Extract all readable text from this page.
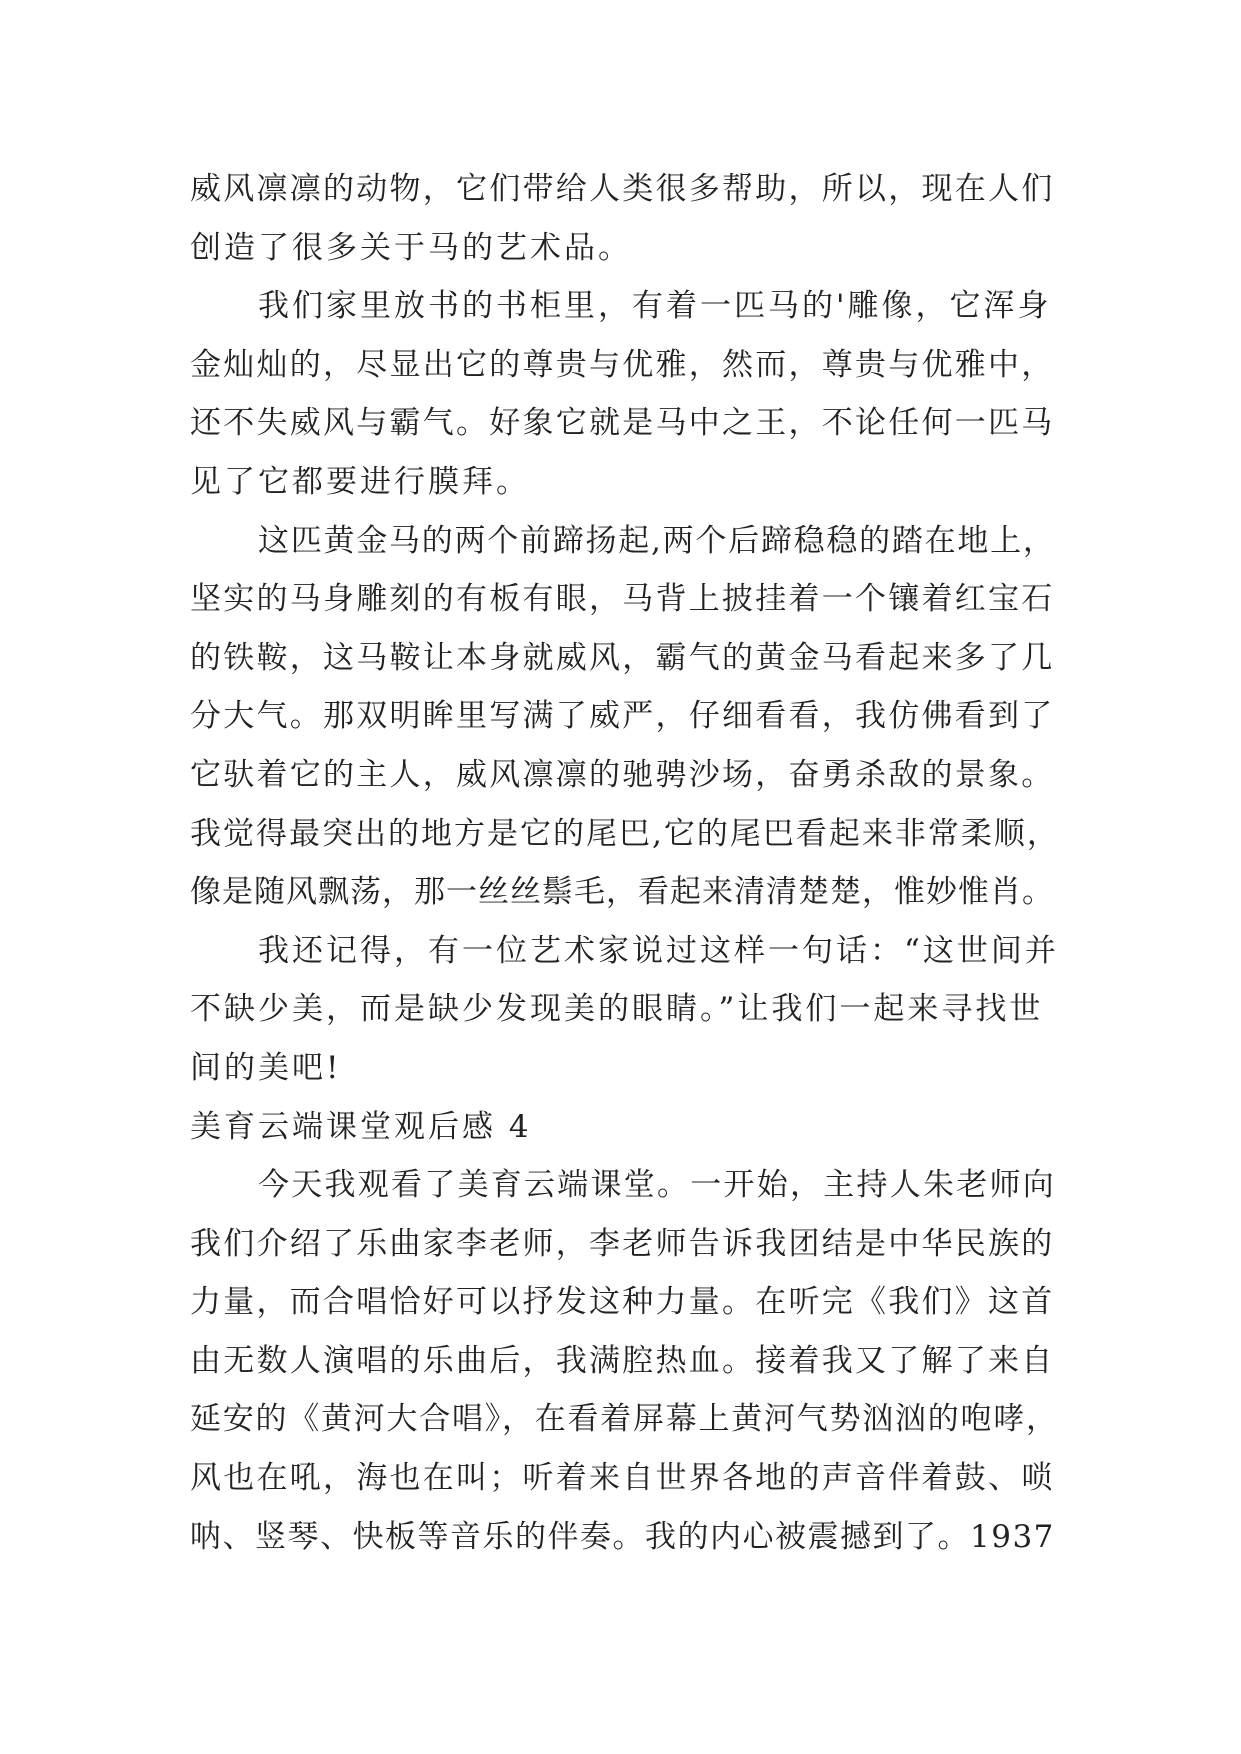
威风凛凛的动物，它们带给人类很多帮助，所以，现在人们
创造了很多关于马的艺术品。
我们家里放书的书柜里，有着一匹马的'雕像，它浑身
金灿灿的，尽显出它的尊贵与优雅，然而，尊贵与优雅中，
还不失威风与霸气。好象它就是马中之王，不论任何一匹马
见了它都要进行膜拜。
这匹黄金马的两个前蹄扬起,两个后蹄稳稳的踏在地上，
坚实的马身雕刻的有板有眼，马背上披挂着一个镶着红宝石
的铁鞍，这马鞍让本身就威风，霸气的黄金马看起来多了几
分大气。那双明眸里写满了威严，仔细看看，我仿佛看到了
它驮着它的主人，威风凛凛的驰骋沙场，奋勇杀敌的景象。
我觉得最突出的地方是它的尾巴,它的尾巴看起来非常柔顺，
像是随风飘荡，那一丝丝鬃毛，看起来清清楚楚，惟妙惟肖。
我还记得，有一位艺术家说过这样一句话：“这世间并
不缺少美，而是缺少发现美的眼睛。”让我们一起来寻找世
间的美吧!
美育云端课堂观后感 4
今天我观看了美育云端课堂。一开始，主持人朱老师向
我们介绍了乐曲家李老师，李老师告诉我团结是中华民族的
力量，而合唱恰好可以抒发这种力量。在听完《我们》这首
由无数人演唱的乐曲后，我满腔热血。接着我又了解了来自
延安的《黄河大合唱》，在看着屏幕上黄河气势汹汹的咆哮，
风也在吼，海也在叫；听着来自世界各地的声音伴着鼓、唢
呐、竖琴、快板等音乐的伴奏。我的内心被震撼到了。1937
